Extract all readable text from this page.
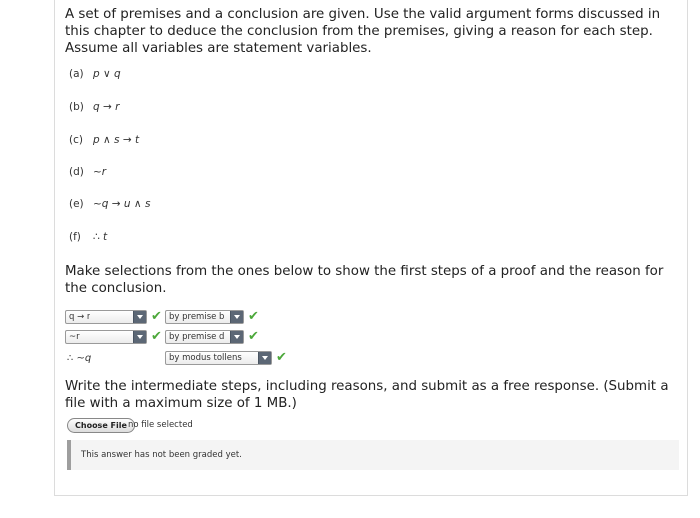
A set of premises and a conclusion are given. Use the valid argument forms discussed in this chapter to deduce the conclusion from the premises, giving a reason for each step. Assume all variables are statement variables.
(a) p ∨ q
(b) q → r
(c) p ∧ s → t
(d) ~r
(e) ~q → u ∧ s
(f) ∴ t
Make selections from the ones below to show the first steps of a proof and the reason for the conclusion.
q → r	✔ by premise b	✔
~r	✔ by premise d	✔
∴ ~q	by modus tollens	✔
Write the intermediate steps, including reasons, and submit as a free response. (Submit a file with a maximum size of 1 MB.)
Choose File no file selected
This answer has not been graded yet.
